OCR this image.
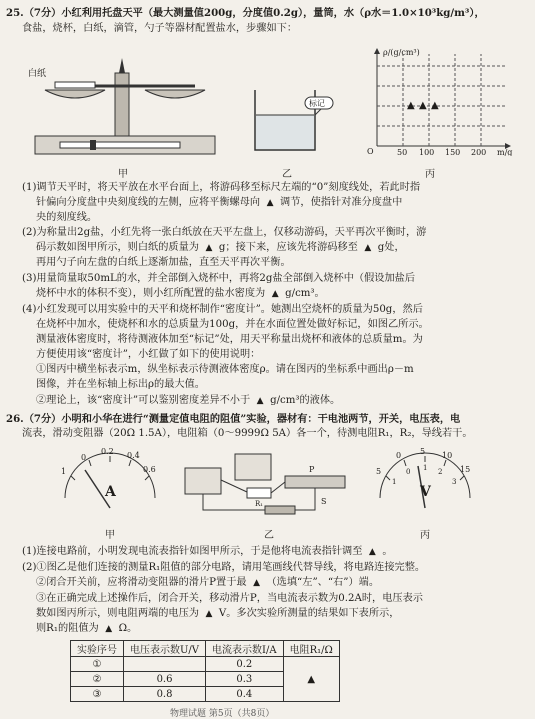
25.（7分）小红利用托盘天平（最大测量值200g，分度值0.2g），量筒，水（ρ水＝1.0×10³kg/m³），
食盐，烧杯，白纸，滴管，勺子等器材配置盐水，步骤如下：
白纸
甲
标记
乙
ρ/(g/cm³)
O	50 100 150 200 m/g
▲ ▲ ▲
丙
(1)调节天平时，将天平放在水平台面上，将游码移至标尺左端的“0”刻度线处，若此时指
针偏向分度盘中央刻度线的左侧，应将平衡螺母向 ▲ 调节，使指针对准分度盘中
央的刻度线。
(2)为称量出2g盐，小红先将一张白纸放在天平左盘上，仅移动游码，天平再次平衡时，游
码示数如图甲所示，则白纸的质量为 ▲ g；接下来，应该先将游码移至 ▲ g处，
再用勺子向左盘的白纸上逐渐加盐，直至天平再次平衡。
(3)用量筒量取50mL的水，并全部倒入烧杯中，再将2g盐全部倒入烧杯中（假设加盐后
烧杯中水的体积不变），则小红所配置的盐水密度为 ▲ g/cm³。
(4)小红发现可以用实验中的天平和烧杯制作“密度计”。她测出空烧杯的质量为50g，然后
在烧杯中加水，使烧杯和水的总质量为100g，并在水面位置处做好标记，如图乙所示。
测量液体密度时，将待测液体加至“标记”处，用天平称量出烧杯和液体的总质量m。为
方便使用该“密度计”，小红做了如下的使用说明：
①图丙中横坐标表示m，纵坐标表示待测液体密度ρ。请在图丙的坐标系中画出ρ－m
图像，并在坐标轴上标出ρ的最大值。
②理论上，该“密度计”可以鉴别密度差异不小于 ▲ g/cm³的液体。
26.（7分）小明和小华在进行“测量定值电阻的阻值”实验，器材有：干电池两节，开关，电压表，电
流表，滑动变阻器（20Ω 1.5A），电阻箱（0～9999Ω 5A）各一个，待测电阻R₁，R₂，导线若干。
1
0
0.2 0.4
0.6
A
甲
R₁
P
S
乙
5
0 5 10
15
1
0 1 2
3
V
丙
(1)连接电路前，小明发现电流表指针如图甲所示，于是他将电流表指针调至 ▲ 。
(2)①图乙是他们连接的测量R₁阻值的部分电路，请用笔画线代替导线，将电路连接完整。
②闭合开关前，应将滑动变阻器的滑片P置于最 ▲ （选填“左”、“右”）端。
③在正确完成上述操作后，闭合开关，移动滑片P，当电流表示数为0.2A时，电压表示
数如图丙所示，则电阻两端的电压为 ▲ V。多次实验所测量的结果如下表所示，
则R₁的阻值为 ▲ Ω。
实验序号	电压表示数U/V	电流表示数I/A	电阻R₁/Ω
①		0.2	▲
②	0.6	0.3	
③	0.8	0.4	
物理试题 第5页（共8页）
